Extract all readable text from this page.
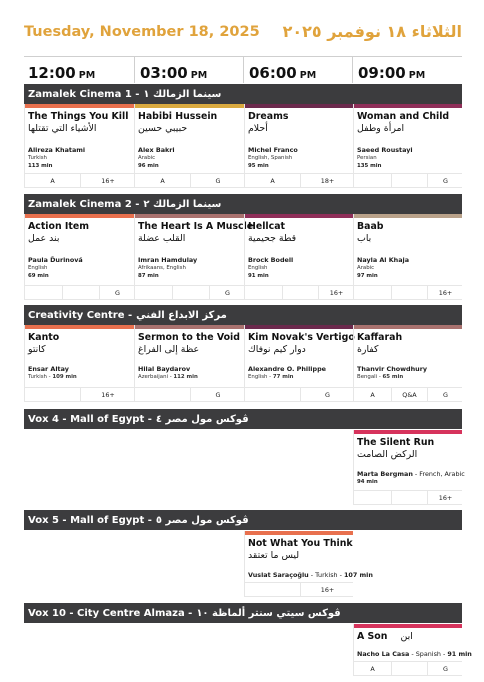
Tuesday, November 18, 2025 الثلاثاء ١٨ نوفمبر ٢٠٢٥
12:00 PM	03:00 PM	06:00 PM	09:00 PM
Zamalek Cinema 1 - سينما الزمالك ١
The Things You Kill
الأشياء التي تقتلها
Alireza Khatami
Turkish
113 min
A	16+
Habibi Hussein
حبيبي حسين
Alex Bakri
Arabic
96 min
A	G
Dreams
أحلام
Michel Franco
English, Spanish
95 min
A	18+
Woman and Child
امرأة وطفل
Saeed Roustayi
Persian
135 min
G
Zamalek Cinema 2 - سينما الزمالك ٢
Action Item
بند عمل
Paula Ďurinová
English
69 min
G
The Heart Is A Muscle
القلب عضلة
Imran Hamdulay
Afrikaans, English
87 min
G
Hellcat
قطة جحيمية
Brock Bodell
English
91 min
16+
Baab
باب
Nayla Al Khaja
Arabic
97 min
16+
Creativity Centre - مركز الابداع الفني
Kanto
كانتو
Ensar Altay
Turkish - 109 min
16+
Sermon to the Void
عظة إلى الفراغ
Hilal Baydarov
Azerbaijani - 112 min
G
Kim Novak's Vertigo
دوار كيم نوفاك
Alexandre O. Philippe
English - 77 min
G
Kaffarah
كفارة
Thanvir Chowdhury
Bengali - 65 min
A	Q&A	G
Vox 4 - Mall of Egypt - ڤوكس مول مصر ٤
The Silent Run
الركض الصامت
Marta Bergman - French, Arabic
94 min
16+
Vox 5 - Mall of Egypt - ڤوكس مول مصر ٥
Not What You Think
ليس ما تعتقد
Vuslat Saraçoğlu - Turkish - 107 min
16+
Vox 10 - City Centre Almaza - ڤوكس سيتي سنتر ألماظة ١٠
A Son ابن
Nacho La Casa - Spanish - 91 min
A	G
